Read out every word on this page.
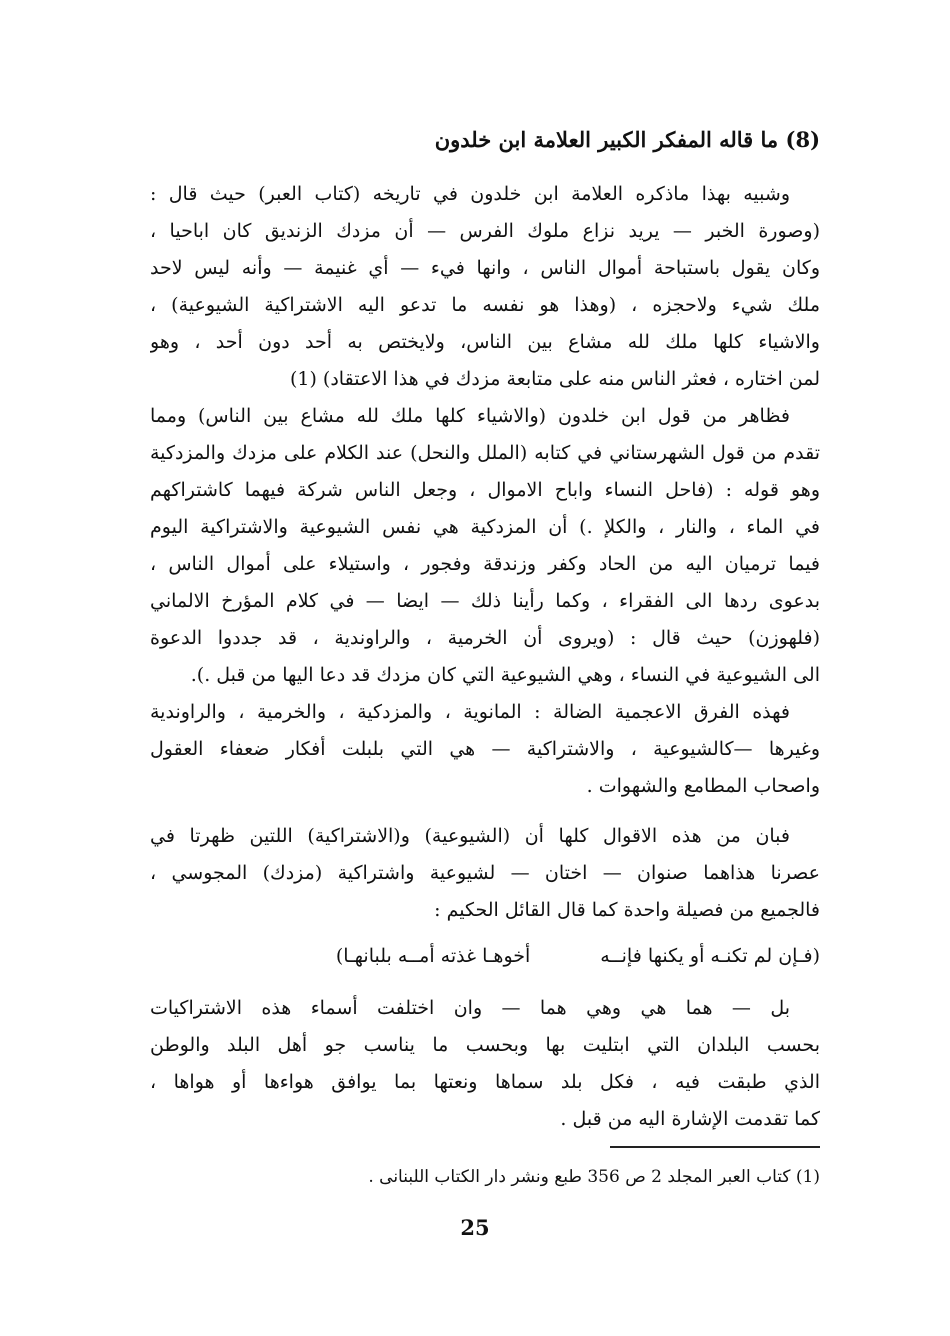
(8) ما قاله المفكر الكبير العلامة ابن خلدون
وشبيه بهذا ماذكره العلامة ابن خلدون في تاريخه (كتاب العبر) حيث قال :
(وصورة الخبر — يريد نزاع ملوك الفرس — أن مزدك الزنديق كان اباحيا ،
وكان يقول باستباحة أموال الناس ، وانها فيء — أي غنيمة — وأنه ليس لاحد
ملك شيء ولاحجزه ، (وهذا هو نفسه ما تدعو اليه الاشتراكية الشيوعية) ،
والاشياء كلها ملك لله مشاع بين الناس، ولايختص به أحد دون أحد ، وهو
لمن اختاره ، فعثر الناس منه على متابعة مزدك في هذا الاعتقاد) (1)
فظاهر من قول ابن خلدون (والاشياء كلها ملك لله مشاع بين الناس) ومما
تقدم من قول الشهرستاني في كتابه (الملل والنحل) عند الكلام على مزدك والمزدكية
وهو قوله : (فاحل النساء واباح الاموال ، وجعل الناس شركة فيهما كاشتراكهم
في الماء ، والنار ، والكلإ .) أن المزدكية هي نفس الشيوعية والاشتراكية اليوم
فيما ترميان اليه من الحاد وكفر وزندقة وفجور ، واستيلاء على أموال الناس ،
بدعوى ردها الى الفقراء ، وكما رأينا ذلك — ايضا — في كلام المؤرخ الالماني
(فلهوزن) حيث قال : (ويروى أن الخرمية ، والراوندية ، قد جددوا الدعوة
الى الشيوعية في النساء ، وهي الشيوعية التي كان مزدك قد دعا اليها من قبل .).
فهذه الفرق الاعجمية الضالة : المانوية ، والمزدكية ، والخرمية ، والراوندية
وغيرها —كالشيوعية ، والاشتراكية — هي التي بلبلت أفكار ضعفاء العقول
واصحاب المطامع والشهوات .
فبان من هذه الاقوال كلها أن (الشيوعية) و(الاشتراكية) اللتين ظهرتا في
عصرنا هذاهما صنوان — اختان — لشيوعية واشتراكية (مزدك) المجوسي ،
فالجميع من فصيلة واحدة كما قال القائل الحكيم :
(فـإن لم تكنـه أو يكنها فإنــه
أخوهـا غذته أمــه بلبانهـا)
بل — هما هي وهي هما — وان اختلفت أسماء هذه الاشتراكيات
بحسب البلدان التي ابتليت بها وبحسب ما يناسب جو أهل البلد والوطن
الذي طبقت فيه ، فكل بلد سماها ونعتها بما يوافق هواءها أو هواها ،
كما تقدمت الإشارة اليه من قبل .
(1) كتاب العبر المجلد 2 ص 356 طبع ونشر دار الكتاب اللبنانى .
25
